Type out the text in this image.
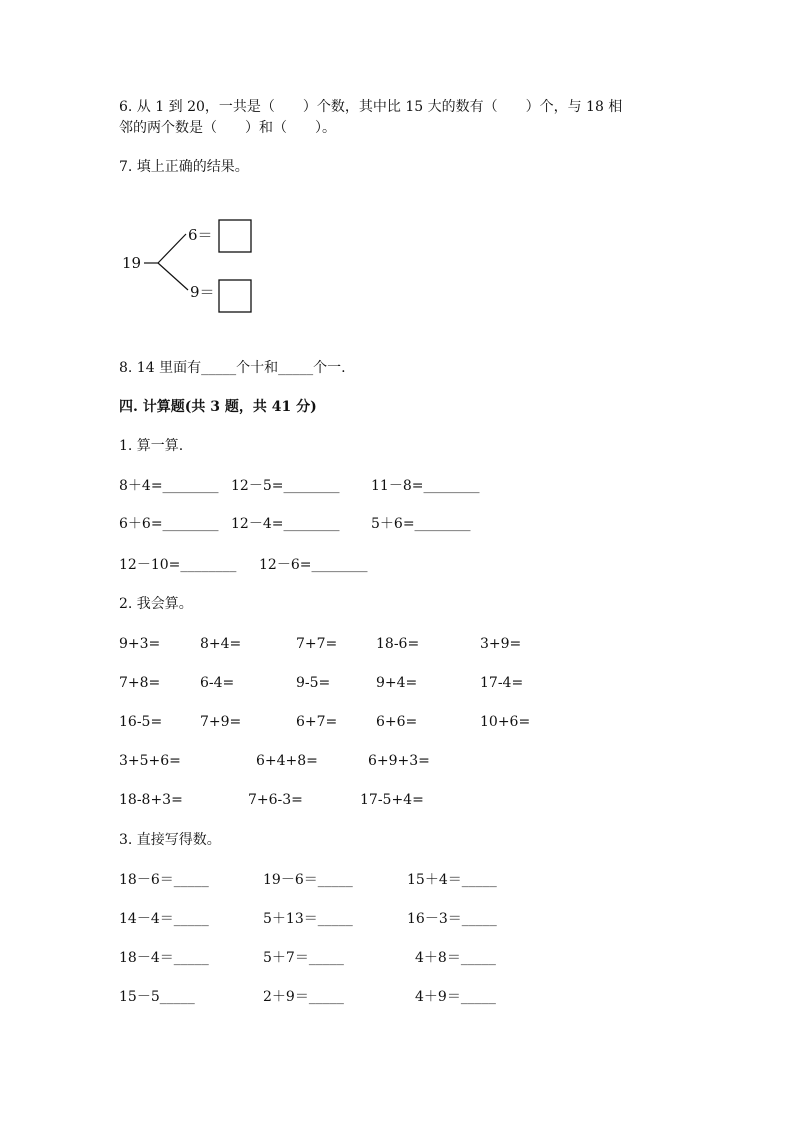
6. 从 1 到 20，一共是（　　）个数，其中比 15 大的数有（　　）个，与 18 相
邻的两个数是（　　）和（　　）。
7. 填上正确的结果。
19
6＝
9＝
8. 14 里面有_____个十和_____个一.
四. 计算题(共 3 题，共 41 分)
1. 算一算.
8＋4=________ 12－5=________ 11－8=________
6＋6=________ 12－4=________ 5＋6=________
12－10=________ 12－6=________
2. 我会算。
9+3=	8+4=	7+7=	18-6=	3+9=
7+8=	6-4=	9-5=	9+4=	17-4=
16-5=	7+9=	6+7=	6+6=	10+6=
3+5+6=	6+4+8=	6+9+3=
18-8+3=	7+6-3=	17-5+4=
3. 直接写得数。
18－6＝_____	19－6＝_____	15＋4＝_____
14－4＝_____	5＋13＝_____	16－3＝_____
18－4＝_____	5＋7＝_____	4＋8＝_____
15－5_____	2＋9＝_____	4＋9＝_____
